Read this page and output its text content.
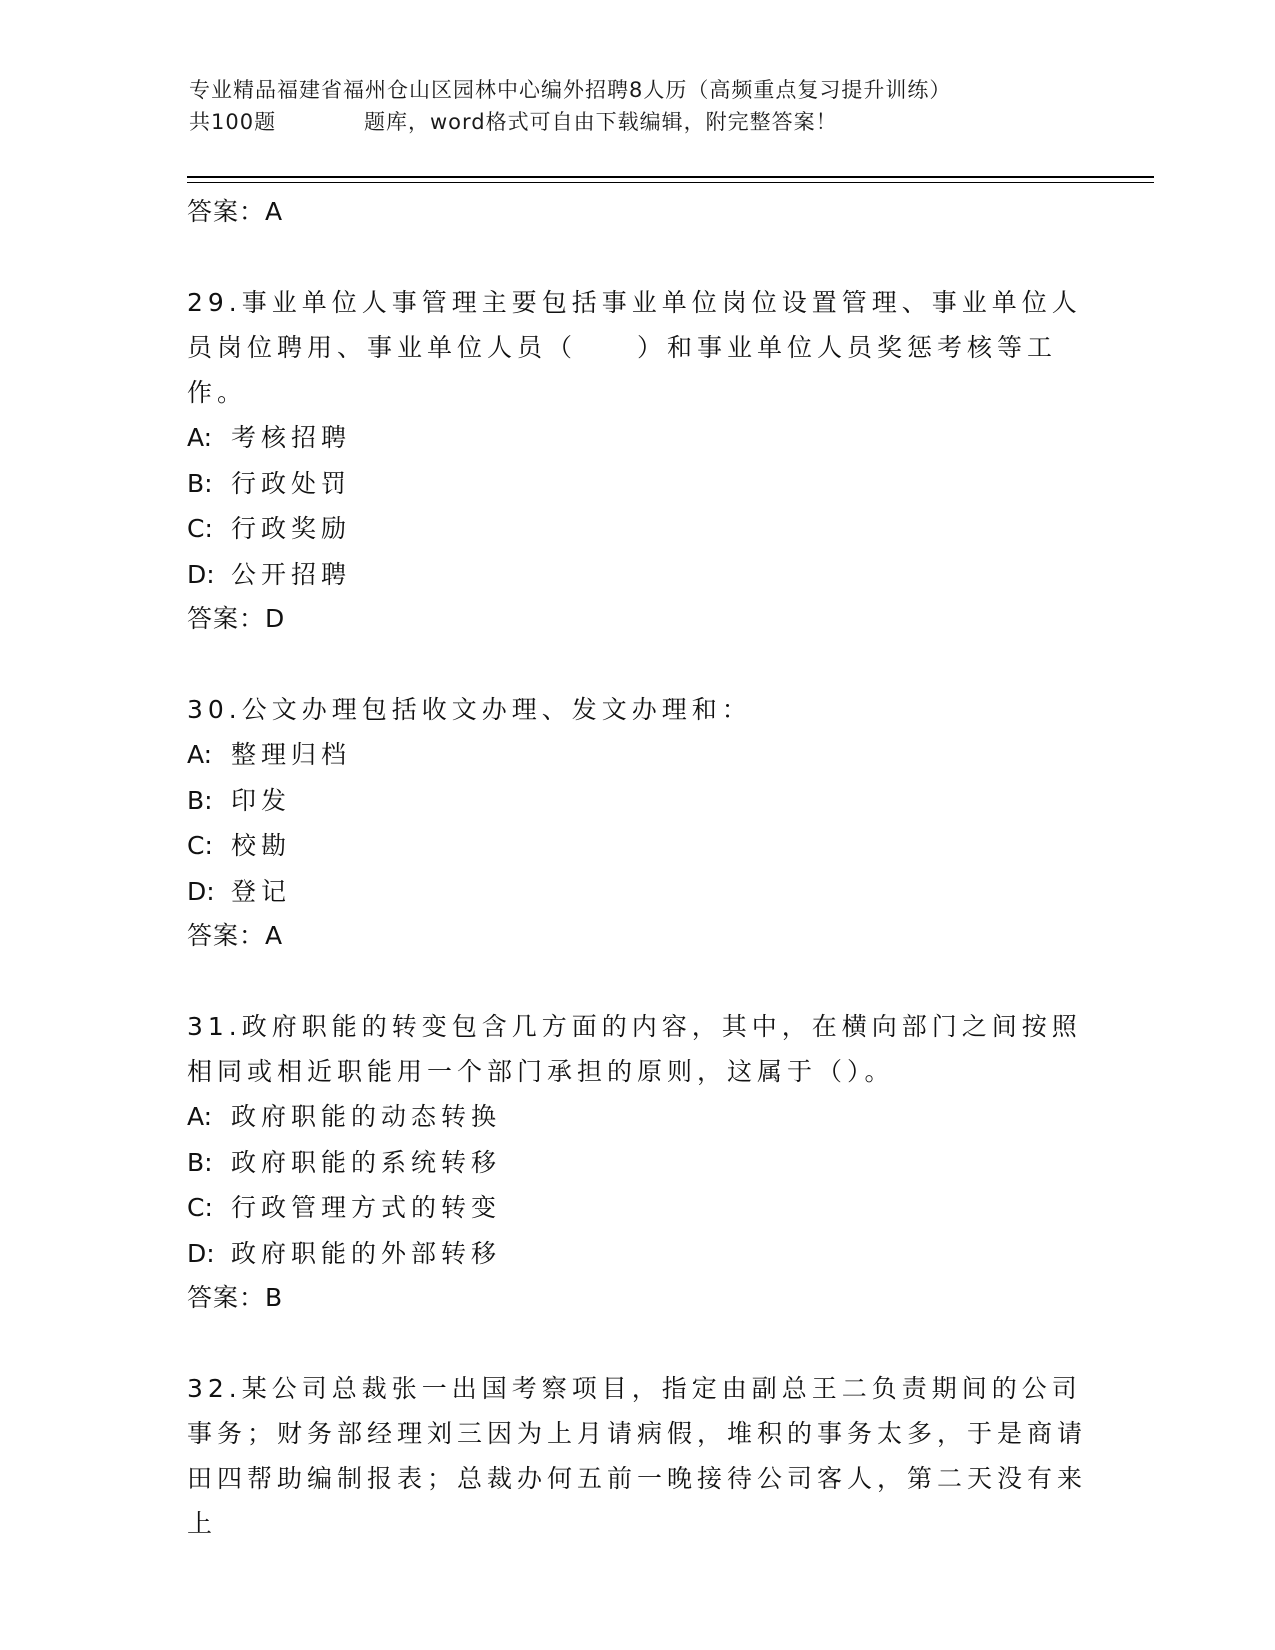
专业精品福建省福州仓山区园林中心编外招聘8人历（高频重点复习提升训练）
共100题	题库，word格式可自由下载编辑，附完整答案！
答案：A

29.事业单位人事管理主要包括事业单位岗位设置管理、事业单位人员岗位聘用、事业单位人员（　　）和事业单位人员奖惩考核等工作。

A: 考核招聘
B: 行政处罚
C: 行政奖励
D: 公开招聘
答案：D

30.公文办理包括收文办理、发文办理和：

A: 整理归档
B: 印发
C: 校勘
D: 登记
答案：A

31.政府职能的转变包含几方面的内容，其中，在横向部门之间按照相同或相近职能用一个部门承担的原则，这属于（）。

A: 政府职能的动态转换
B: 政府职能的系统转移
C: 行政管理方式的转变
D: 政府职能的外部转移
答案：B

32.某公司总裁张一出国考察项目，指定由副总王二负责期间的公司事务；财务部经理刘三因为上月请病假，堆积的事务太多，于是商请田四帮助编制报表；总裁办何五前一晚接待公司客人，第二天没有来上
